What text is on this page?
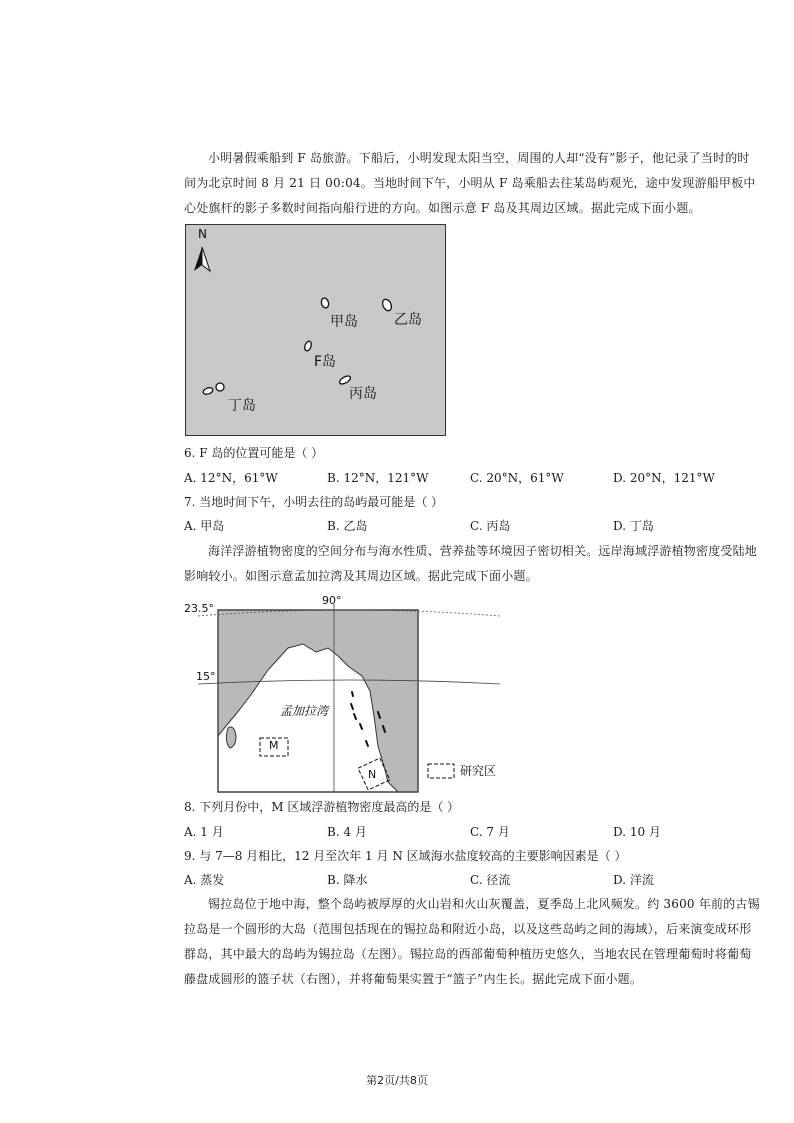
小明暑假乘船到 F 岛旅游。下船后，小明发现太阳当空，周围的人却“没有”影子，他记录了当时的时间为北京时间 8 月 21 日 00:04。当地时间下午，小明从 F 岛乘船去往某岛屿观光，途中发现游船甲板中心处旗杆的影子多数时间指向船行进的方向。如图示意 F 岛及其周边区域。据此完成下面小题。

N
甲岛	乙岛
F岛
丙岛
丁岛
6. F 岛的位置可能是（ ）
A. 12°N，61°W	B. 12°N，121°W	C. 20°N，61°W	D. 20°N，121°W
7. 当地时间下午，小明去往的岛屿最可能是（ ）
A. 甲岛	B. 乙岛	C. 丙岛	D. 丁岛

海洋浮游植物密度的空间分布与海水性质、营养盐等环境因子密切相关。远岸海域浮游植物密度受陆地影响较小。如图示意孟加拉湾及其周边区域。据此完成下面小题。

23.5°
15°
90°
孟加拉湾
M
N	研究区
8. 下列月份中，M 区域浮游植物密度最高的是（ ）
A. 1 月	B. 4 月	C. 7 月	D. 10 月
9. 与 7—8 月相比，12 月至次年 1 月 N 区域海水盐度较高的主要影响因素是（ ）
A. 蒸发	B. 降水	C. 径流	D. 洋流

锡拉岛位于地中海，整个岛屿被厚厚的火山岩和火山灰覆盖，夏季岛上北风频发。约 3600 年前的古锡拉岛是一个圆形的大岛（范围包括现在的锡拉岛和附近小岛，以及这些岛屿之间的海域），后来演变成环形群岛，其中最大的岛屿为锡拉岛（左图）。锡拉岛的西部葡萄种植历史悠久，当地农民在管理葡萄时将葡萄藤盘成圆形的篮子状（右图），并将葡萄果实置于“篮子”内生长。据此完成下面小题。

第2页/共8页
